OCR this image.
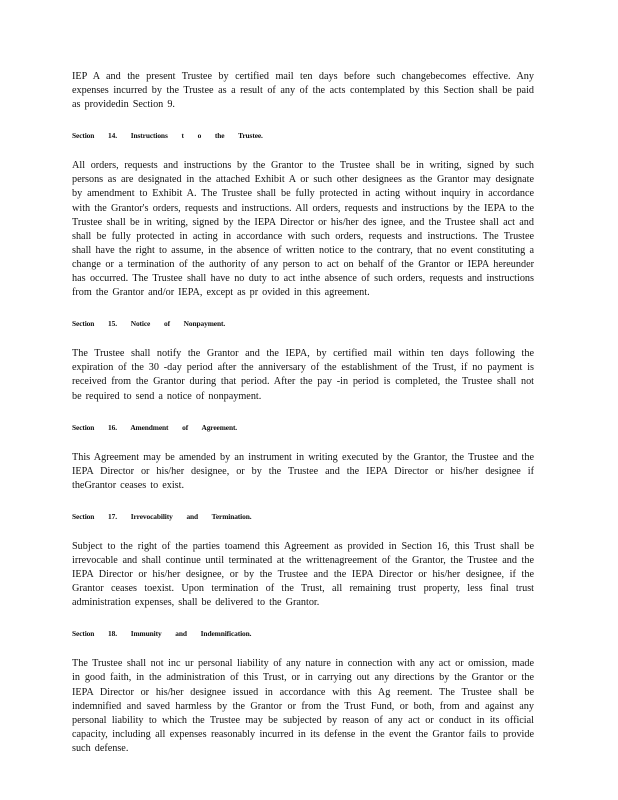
IEP A and the present Trustee by certified mail ten days before such changebecomes effective. Any expenses incurred by the Trustee as a result of any of the acts contemplated by this Section shall be paid as providedin Section 9.

Section 14. Instructions t o the Trustee.

All orders, requests and instructions by the Grantor to the Trustee shall be in writing, signed by such persons as are designated in the attached Exhibit A or such other designees as the Grantor may designate by amendment to Exhibit A. The Trustee shall be fully protected in acting without inquiry in accordance with the Grantor's orders, requests and instructions. All orders, requests and instructions by the IEPA to the Trustee shall be in writing, signed by the IEPA Director or his/her des ignee, and the Trustee shall act and shall be fully protected in acting in accordance with such orders, requests and instructions. The Trustee shall have the right to assume, in the absence of written notice to the contrary, that no event constituting a change or a termination of the authority of any person to act on behalf of the Grantor or IEPA hereunder has occurred. The Trustee shall have no duty to act inthe absence of such orders, requests and instructions from the Grantor and/or IEPA, except as pr ovided in this agreement.

Section 15. Notice of Nonpayment.

The Trustee shall notify the Grantor and the IEPA, by certified mail within ten days following the expiration of the 30 -day period after the anniversary of the establishment of the Trust, if no payment is received from the Grantor during that period. After the pay -in period is completed, the Trustee shall not be required to send a notice of nonpayment.

Section 16. Amendment of Agreement.

This Agreement may be amended by an instrument in writing executed by the Grantor, the Trustee and the IEPA Director or his/her designee, or by the Trustee and the IEPA Director or his/her designee if theGrantor ceases to exist.

Section 17. Irrevocability and Termination.

Subject to the right of the parties toamend this Agreement as provided in Section 16, this Trust shall be irrevocable and shall continue until terminated at the writtenagreement of the Grantor, the Trustee and the IEPA Director or his/her designee, or by the Trustee and the IEPA Director or his/her designee, if the Grantor ceases toexist. Upon termination of the Trust, all remaining trust property, less final trust administration expenses, shall be delivered to the Grantor.

Section 18. Immunity and Indemnification.

The Trustee shall not inc ur personal liability of any nature in connection with any act or omission, made in good faith, in the administration of this Trust, or in carrying out any directions by the Grantor or the IEPA Director or his/her designee issued in accordance with this Ag reement. The Trustee shall be indemnified and saved harmless by the Grantor or from the Trust Fund, or both, from and against any personal liability to which the Trustee may be subjected by reason of any act or conduct in its official capacity, including all expenses reasonably incurred in its defense in the event the Grantor fails to provide such defense.
